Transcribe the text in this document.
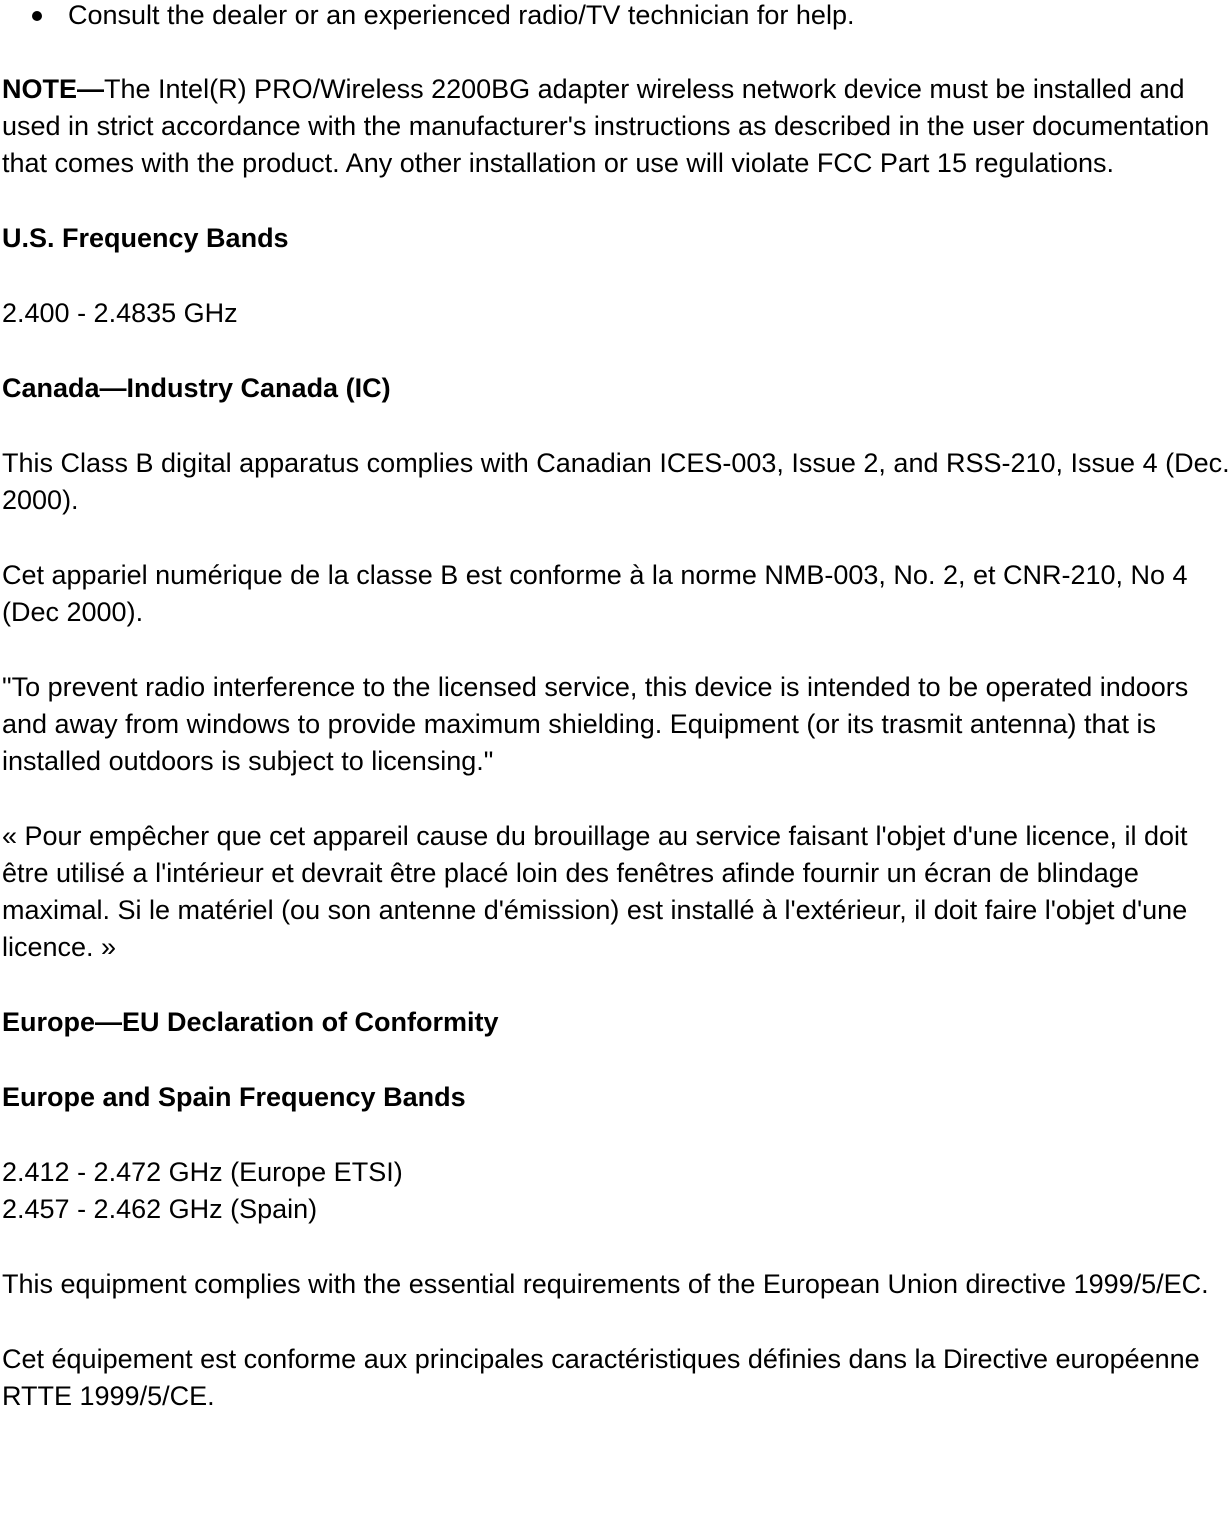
Consult the dealer or an experienced radio/TV technician for help.

NOTE—The Intel(R) PRO/Wireless 2200BG adapter wireless network device must be installed and used in strict accordance with the manufacturer's instructions as described in the user documentation that comes with the product. Any other installation or use will violate FCC Part 15 regulations.

U.S. Frequency Bands

2.400 - 2.4835 GHz

Canada—Industry Canada (IC)

This Class B digital apparatus complies with Canadian ICES-003, Issue 2, and RSS-210, Issue 4 (Dec. 2000).

Cet appariel numérique de la classe B est conforme à la norme NMB-003, No. 2, et CNR-210, No 4 (Dec 2000).

"To prevent radio interference to the licensed service, this device is intended to be operated indoors and away from windows to provide maximum shielding. Equipment (or its trasmit antenna) that is installed outdoors is subject to licensing."

« Pour empêcher que cet appareil cause du brouillage au service faisant l'objet d'une licence, il doit être utilisé a l'intérieur et devrait être placé loin des fenêtres afinde fournir un écran de blindage maximal. Si le matériel (ou son antenne d'émission) est installé à l'extérieur, il doit faire l'objet d'une licence. »

Europe—EU Declaration of Conformity

Europe and Spain Frequency Bands

2.412 - 2.472 GHz (Europe ETSI)
2.457 - 2.462 GHz (Spain)

This equipment complies with the essential requirements of the European Union directive 1999/5/EC.

Cet équipement est conforme aux principales caractéristiques définies dans la Directive européenne RTTE 1999/5/CE.
